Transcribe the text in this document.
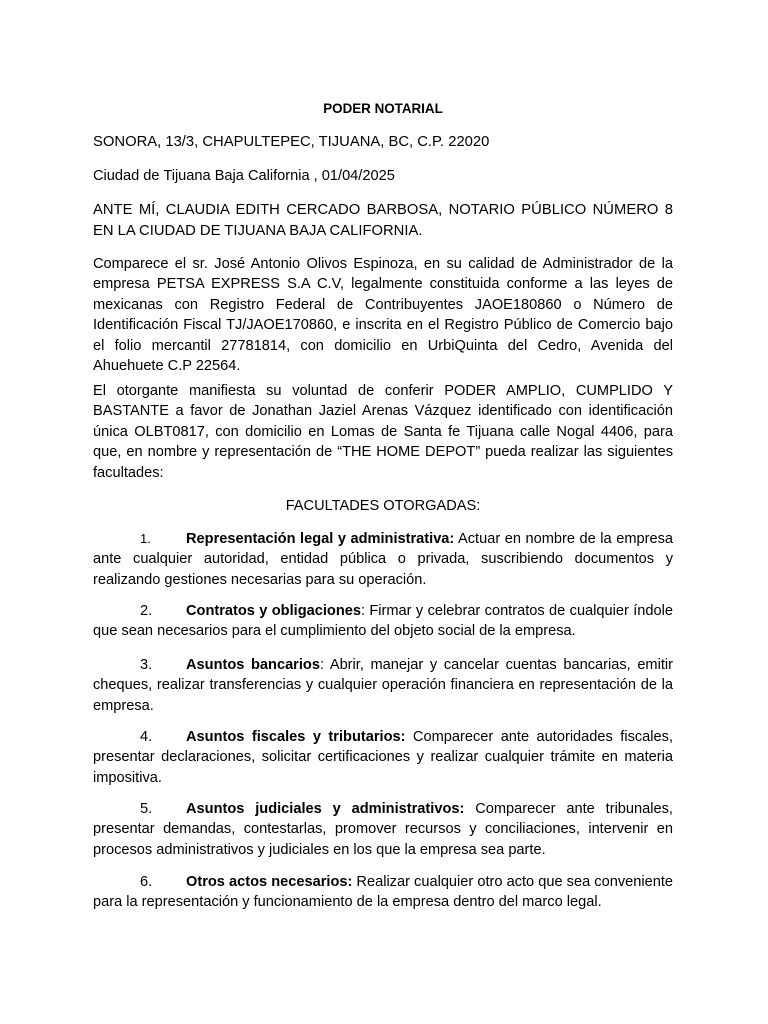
PODER NOTARIAL

SONORA, 13/3, CHAPULTEPEC, TIJUANA, BC, C.P. 22020

Ciudad de Tijuana Baja California , 01/04/2025

ANTE MÍ, CLAUDIA EDITH CERCADO BARBOSA, NOTARIO PÚBLICO NÚMERO 8 EN LA CIUDAD DE TIJUANA BAJA CALIFORNIA.

Comparece el sr. José Antonio Olivos Espinoza, en su calidad de Administrador de la empresa PETSA EXPRESS S.A C.V, legalmente constituida conforme a las leyes de mexicanas con Registro Federal de Contribuyentes JAOE180860 o Número de Identificación Fiscal TJ/JAOE170860, e inscrita en el Registro Público de Comercio bajo el folio mercantil 27781814, con domicilio en UrbiQuinta del Cedro, Avenida del Ahuehuete C.P 22564.

El otorgante manifiesta su voluntad de conferir PODER AMPLIO, CUMPLIDO Y BASTANTE a favor de Jonathan Jaziel Arenas Vázquez identificado con identificación única OLBT0817, con domicilio en Lomas de Santa fe Tijuana calle Nogal 4406, para que, en nombre y representación de “THE HOME DEPOT” pueda realizar las siguientes facultades:

FACULTADES OTORGADAS:

1. Representación legal y administrativa: Actuar en nombre de la empresa ante cualquier autoridad, entidad pública o privada, suscribiendo documentos y realizando gestiones necesarias para su operación.

2. Contratos y obligaciones: Firmar y celebrar contratos de cualquier índole que sean necesarios para el cumplimiento del objeto social de la empresa.

3. Asuntos bancarios: Abrir, manejar y cancelar cuentas bancarias, emitir cheques, realizar transferencias y cualquier operación financiera en representación de la empresa.

4. Asuntos fiscales y tributarios: Comparecer ante autoridades fiscales, presentar declaraciones, solicitar certificaciones y realizar cualquier trámite en materia impositiva.

5. Asuntos judiciales y administrativos: Comparecer ante tribunales, presentar demandas, contestarlas, promover recursos y conciliaciones, intervenir en procesos administrativos y judiciales en los que la empresa sea parte.

6. Otros actos necesarios: Realizar cualquier otro acto que sea conveniente para la representación y funcionamiento de la empresa dentro del marco legal.
